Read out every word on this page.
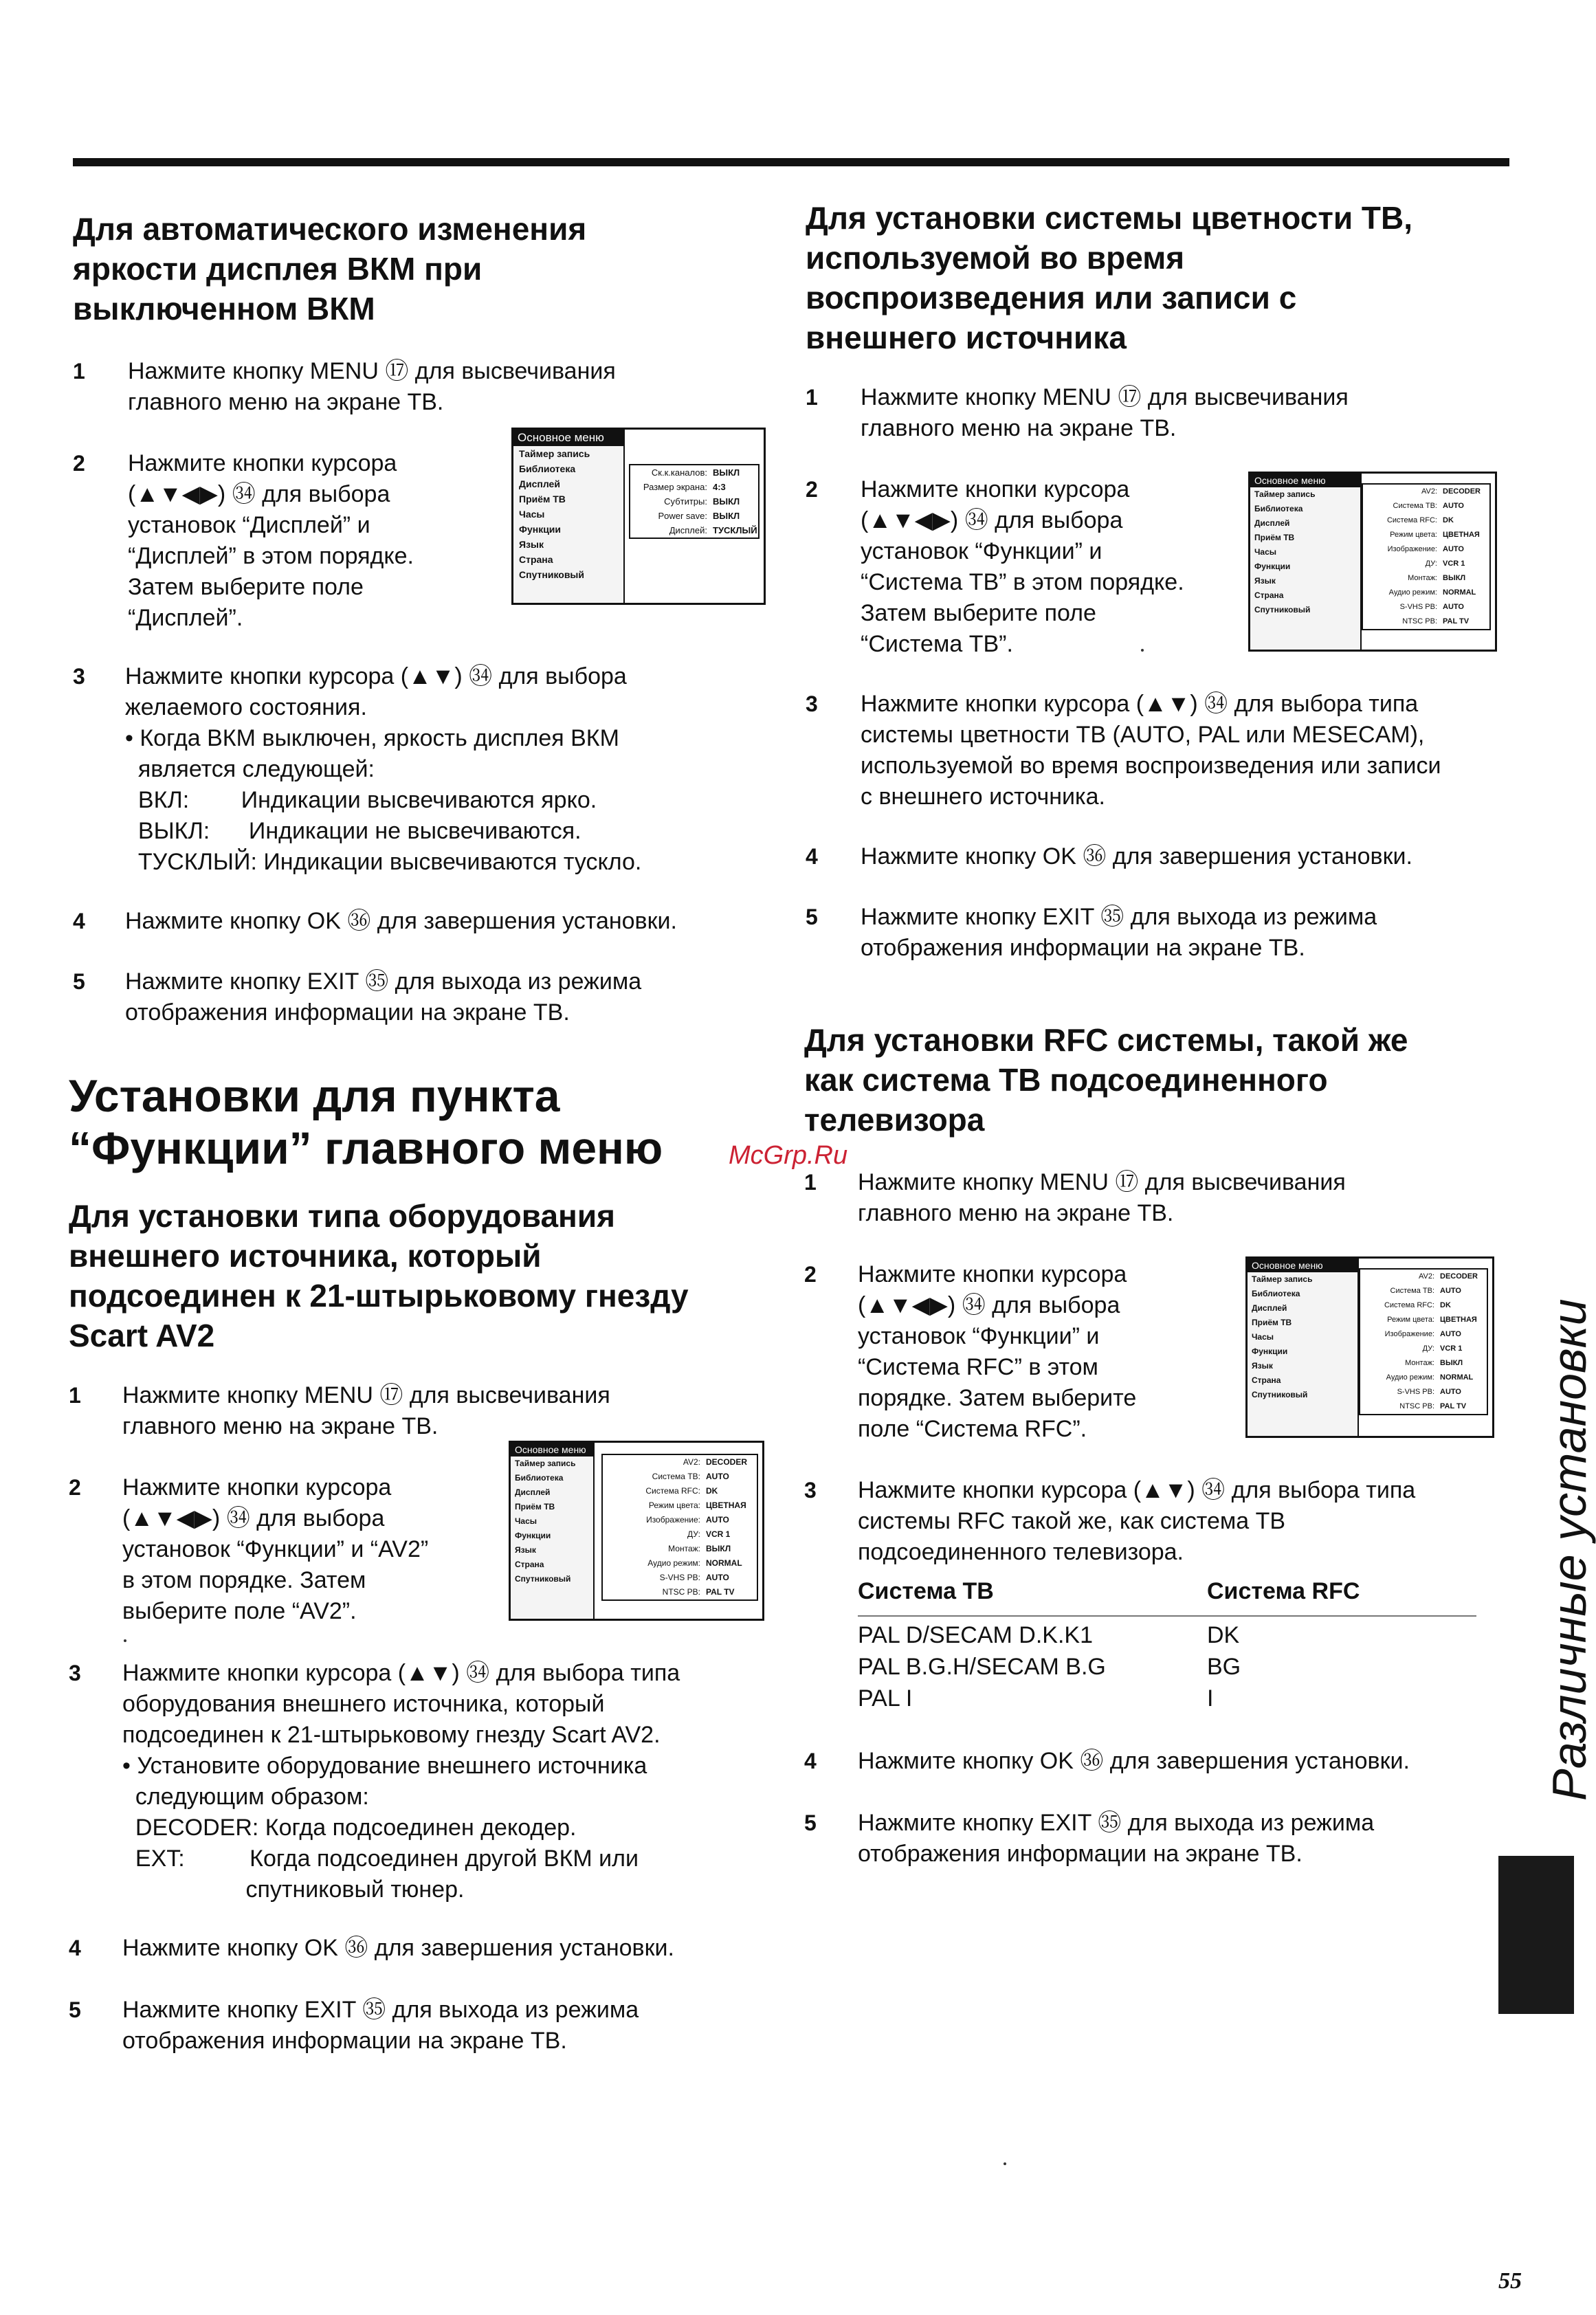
Для автоматического изменения
яркости дисплея ВКМ при
выключенном ВКМ
1 Нажмите кнопку MENU ⑰ для высвечивания
главного меню на экране ТВ.
2 Нажмите кнопки курсора
(▲▼◀▶) ㉞ для выбора
установок “Дисплей” и
“Дисплей” в этом порядке.
Затем выберите поле
“Дисплей”.
3 Нажмите кнопки курсора (▲▼) ㉞ для выбора
желаемого состояния.
• Когда ВКМ выключен, яркость дисплея ВКМ
является следующей:
ВКЛ:        Индикации высвечиваются ярко.
ВЫКЛ:      Индикации не высвечиваются.
ТУСКЛЫЙ: Индикации высвечиваются тускло.
4 Нажмите кнопку OK ㊱ для завершения установки.
5 Нажмите кнопку EXIT ㉟ для выхода из режима
отображения информации на экране ТВ.
Основное меню
Таймер запись
Библиотека
Дисплей
Приём ТВ
Часы
Функции
Язык
Страна
Спутниковый
Ск.к.каналов: ВЫКЛ
Размер экрана: 4:3
Субтитры: ВЫКЛ
Power save: ВЫКЛ
Дисплей: ТУСКЛЫЙ
Установки для пункта
“Функции” главного меню
Для установки типа оборудования
внешнего источника, который
подсоединен к 21-штырьковому гнезду
Scart AV2
1 Нажмите кнопку MENU ⑰ для высвечивания
главного меню на экране ТВ.
2 Нажмите кнопки курсора
(▲▼◀▶) ㉞ для выбора
установок “Функции” и “AV2”
в этом порядке. Затем
выберите поле “AV2”.
3 Нажмите кнопки курсора (▲▼) ㉞ для выбора типа
оборудования внешнего источника, который
подсоединен к 21-штырьковому гнезду Scart AV2.
• Установите оборудование внешнего источника
следующим образом:
DECODER: Когда подсоединен декодер.
EXT:          Когда подсоединен другой ВКМ или
спутниковый тюнер.
4 Нажмите кнопку OK ㊱ для завершения установки.
5 Нажмите кнопку EXIT ㉟ для выхода из режима
отображения информации на экране ТВ.
Основное меню
Таймер запись
Библиотека
Дисплей
Приём ТВ
Часы
Функции
Язык
Страна
Спутниковый
AV2: DECODER
Система ТВ: AUTO
Система RFC: DK
Режим цвета: ЦВЕТНАЯ
Изображение: AUTO
ДУ: VCR 1
Монтаж: ВЫКЛ
Аудио режим: NORMAL
S-VHS PB: AUTO
NTSC PB: PAL TV
Для установки системы цветности ТВ,
используемой во время
воспроизведения или записи с
внешнего источника
1 Нажмите кнопку MENU ⑰ для высвечивания
главного меню на экране ТВ.
2 Нажмите кнопки курсора
(▲▼◀▶) ㉞ для выбора
установок “Функции” и
“Система ТВ” в этом порядке.
Затем выберите поле
“Система ТВ”.
3 Нажмите кнопки курсора (▲▼) ㉞ для выбора типа
системы цветности ТВ (AUTO, PAL или MESECAM),
используемой во время воспроизведения или записи
с внешнего источника.
4 Нажмите кнопку OK ㊱ для завершения установки.
5 Нажмите кнопку EXIT ㉟ для выхода из режима
отображения информации на экране ТВ.
Основное меню
Таймер запись
Библиотека
Дисплей
Приём ТВ
Часы
Функции
Язык
Страна
Спутниковый
AV2: DECODER
Система ТВ: AUTO
Система RFC: DK
Режим цвета: ЦВЕТНАЯ
Изображение: AUTO
ДУ: VCR 1
Монтаж: ВЫКЛ
Аудио режим: NORMAL
S-VHS PB: AUTO
NTSC PB: PAL TV
Для установки RFC системы, такой же
как система ТВ подсоединенного
телевизора
McGrp.Ru
1 Нажмите кнопку MENU ⑰ для высвечивания
главного меню на экране ТВ.
2 Нажмите кнопки курсора
(▲▼◀▶) ㉞ для выбора
установок “Функции” и
“Система RFC” в этом
порядке. Затем выберите
поле “Система RFC”.
3 Нажмите кнопки курсора (▲▼) ㉞ для выбора типа
системы RFC такой же, как система ТВ
подсоединенного телевизора.
4 Нажмите кнопку OK ㊱ для завершения установки.
5 Нажмите кнопку EXIT ㉟ для выхода из режима
отображения информации на экране ТВ.
Система ТВ	Система RFC
PAL D/SECAM D.K.K1	DK
PAL B.G.H/SECAM B.G	BG
PAL I	I
Основное меню
Таймер запись
Библиотека
Дисплей
Приём ТВ
Часы
Функции
Язык
Страна
Спутниковый
AV2: DECODER
Система ТВ: AUTO
Система RFC: DK
Режим цвета: ЦВЕТНАЯ
Изображение: AUTO
ДУ: VCR 1
Монтаж: ВЫКЛ
Аудио режим: NORMAL
S-VHS PB: AUTO
NTSC PB: PAL TV	Различные установки
55
